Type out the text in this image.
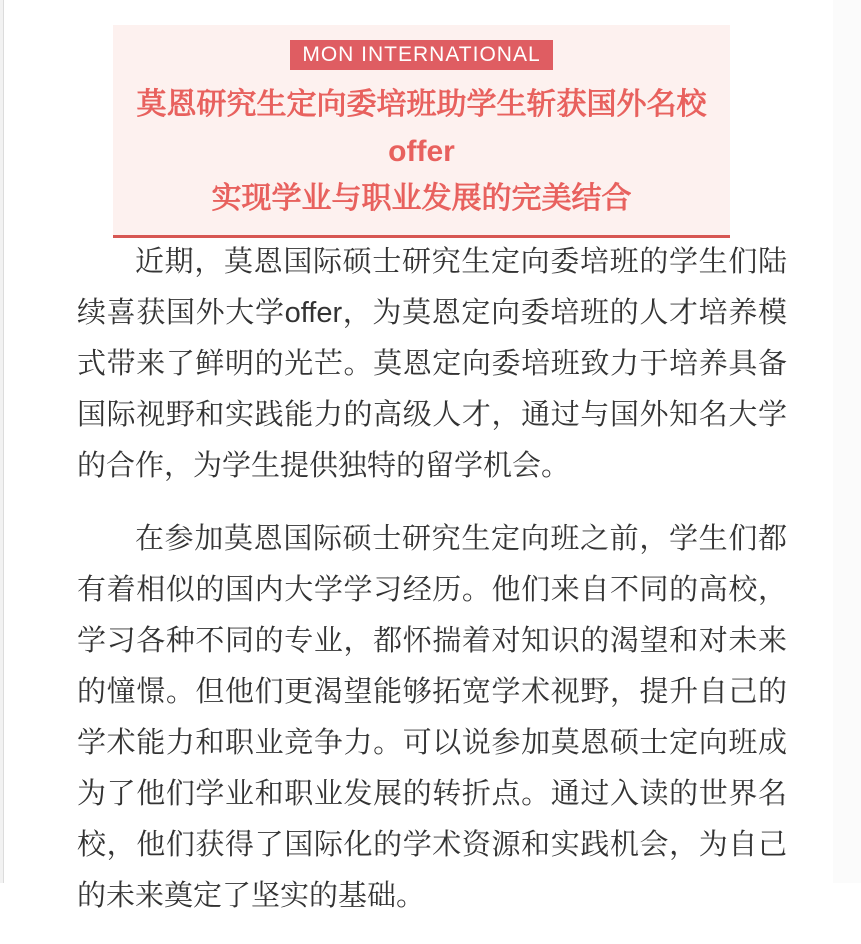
MON INTERNATIONAL
莫恩研究生定向委培班助学生斩获国外名校offer
实现学业与职业发展的完美结合

近期，莫恩国际硕士研究生定向委培班的学生们陆续喜获国外大学offer，为莫恩定向委培班的人才培养模式带来了鲜明的光芒。莫恩定向委培班致力于培养具备国际视野和实践能力的高级人才，通过与国外知名大学的合作，为学生提供独特的留学机会。

在参加莫恩国际硕士研究生定向班之前，学生们都有着相似的国内大学学习经历。他们来自不同的高校，学习各种不同的专业，都怀揣着对知识的渴望和对未来的憧憬。但他们更渴望能够拓宽学术视野，提升自己的学术能力和职业竞争力。可以说参加莫恩硕士定向班成为了他们学业和职业发展的转折点。通过入读的世界名校，他们获得了国际化的学术资源和实践机会，为自己的未来奠定了坚实的基础。
